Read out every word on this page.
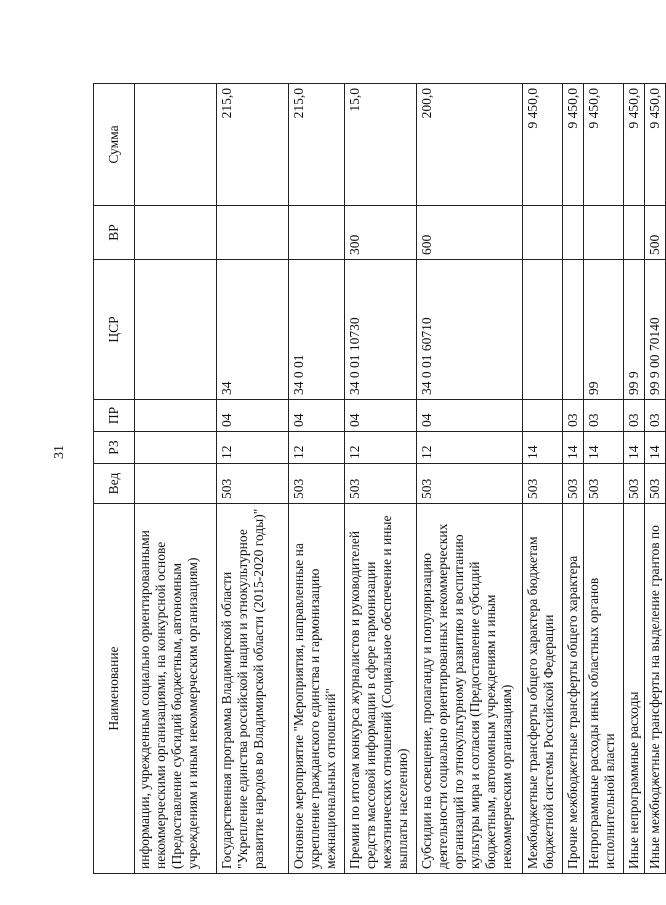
31
Наименование	Вед	РЗ	ПР	ЦСР	ВР	Сумма
информации, учрежденным социально ориентированными некоммерческими организациями, на конкурсной основе (Предоставление субсидий бюджетным, автономным учреждениям и иным некоммерческим организациям)						
Государственная программа Владимирской области "Укрепление единства российской нации и этнокультурное развитие народов во Владимирской области (2015-2020 годы)"	503	12	04	34		215,0
Основное мероприятие "Мероприятия, направленные на укрепление гражданского единства и гармонизацию межнациональных отношений"	503	12	04	34 0 01		215,0
Премии по итогам конкурса журналистов и руководителей средств массовой информации в сфере гармонизации межэтнических отношений (Социальное обеспечение и иные выплаты населению)	503	12	04	34 0 01 10730	300	15,0
Субсидии на освещение, пропаганду и популяризацию деятельности социально ориентированных некоммерческих организаций по этнокультурному развитию и воспитанию культуры мира и согласия (Предоставление субсидий бюджетным, автономным учреждениям и иным некоммерческим организациям)	503	12	04	34 0 01 60710	600	200,0
Межбюджетные трансферты общего характера бюджетам бюджетной системы Российской Федерации	503	14				9 450,0
Прочие межбюджетные трансферты общего характера	503	14	03			9 450,0
Непрограммные расходы иных областных органов исполнительной власти	503	14	03	99		9 450,0
Иные непрограммные расходы	503	14	03	99 9		9 450,0
Иные межбюджетные трансферты на выделение грантов по	503	14	03	99 9 00 70140	500	9 450,0
